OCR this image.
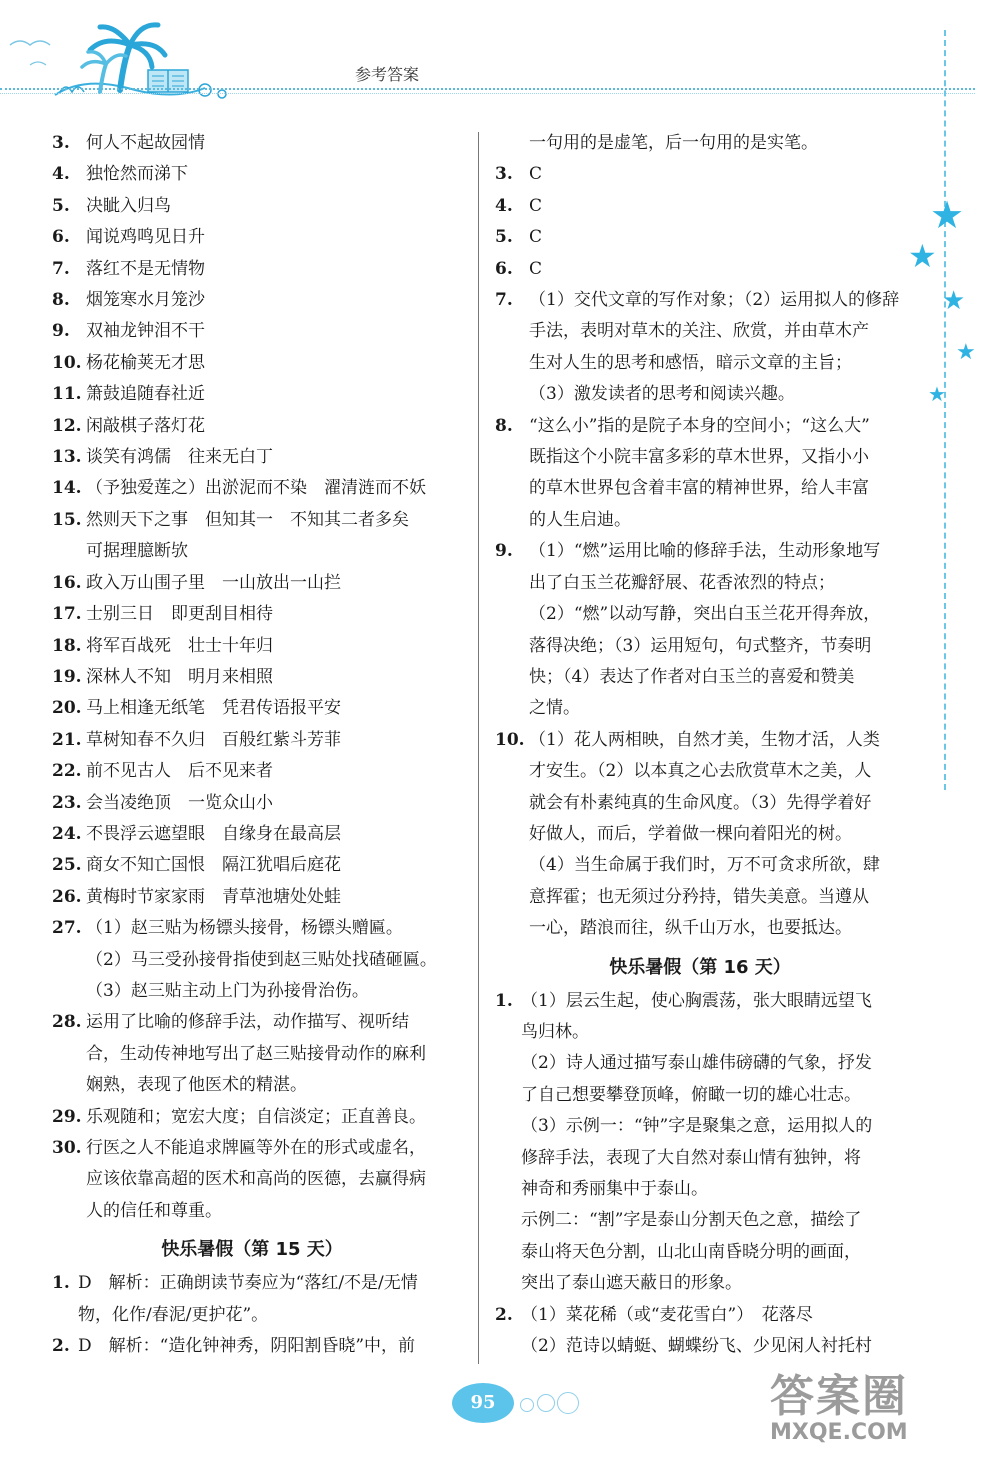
参考答案
★
★
★
★
★
3. 何人不起故园情
4. 独怆然而涕下
5. 决眦入归鸟
6. 闻说鸡鸣见日升
7. 落红不是无情物
8. 烟笼寒水月笼沙
9. 双袖龙钟泪不干
10. 杨花榆荚无才思
11. 箫鼓追随春社近
12. 闲敲棋子落灯花
13. 谈笑有鸿儒　往来无白丁
14. （予独爱莲之）出淤泥而不染　濯清涟而不妖
15. 然则天下之事　但知其一　不知其二者多矣
可据理臆断欤
16. 政入万山围子里　一山放出一山拦
17. 士别三日　即更刮目相待
18. 将军百战死　壮士十年归
19. 深林人不知　明月来相照
20. 马上相逢无纸笔　凭君传语报平安
21. 草树知春不久归　百般红紫斗芳菲
22. 前不见古人　后不见来者
23. 会当凌绝顶　一览众山小
24. 不畏浮云遮望眼　自缘身在最高层
25. 商女不知亡国恨　隔江犹唱后庭花
26. 黄梅时节家家雨　青草池塘处处蛙
27. （1）赵三贴为杨镖头接骨，杨镖头赠匾。
（2）马三受孙接骨指使到赵三贴处找碴砸匾。
（3）赵三贴主动上门为孙接骨治伤。
28. 运用了比喻的修辞手法，动作描写、视听结
合，生动传神地写出了赵三贴接骨动作的麻利
娴熟，表现了他医术的精湛。
29. 乐观随和；宽宏大度；自信淡定；正直善良。
30. 行医之人不能追求牌匾等外在的形式或虚名，
应该依靠高超的医术和高尚的医德，去赢得病
人的信任和尊重。
快乐暑假（第 15 天）
1. D　解析：正确朗读节奏应为“落红/不是/无情
物，化作/春泥/更护花”。
2. D　解析：“造化钟神秀，阴阳割昏晓”中，前
一句用的是虚笔，后一句用的是实笔。
3. C
4. C
5. C
6. C
7. （1）交代文章的写作对象；（2）运用拟人的修辞
手法，表明对草木的关注、欣赏，并由草木产
生对人生的思考和感悟，暗示文章的主旨；
（3）激发读者的思考和阅读兴趣。
8. “这么小”指的是院子本身的空间小；“这么大”
既指这个小院丰富多彩的草木世界，又指小小
的草木世界包含着丰富的精神世界，给人丰富
的人生启迪。
9. （1）“燃”运用比喻的修辞手法，生动形象地写
出了白玉兰花瓣舒展、花香浓烈的特点；
（2）“燃”以动写静，突出白玉兰花开得奔放，
落得决绝；（3）运用短句，句式整齐，节奏明
快；（4）表达了作者对白玉兰的喜爱和赞美
之情。
10. （1）花人两相映，自然才美，生物才活，人类
才安生。（2）以本真之心去欣赏草木之美，人
就会有朴素纯真的生命风度。（3）先得学着好
好做人，而后，学着做一棵向着阳光的树。
（4）当生命属于我们时，万不可贪求所欲，肆
意挥霍；也无须过分矜持，错失美意。当遵从
一心，踏浪而往，纵千山万水，也要抵达。
快乐暑假（第 16 天）
1. （1）层云生起，使心胸震荡，张大眼睛远望飞
鸟归林。
（2）诗人通过描写泰山雄伟磅礴的气象，抒发
了自己想要攀登顶峰，俯瞰一切的雄心壮志。
（3）示例一：“钟”字是聚集之意，运用拟人的
修辞手法，表现了大自然对泰山情有独钟，将
神奇和秀丽集中于泰山。
示例二：“割”字是泰山分割天色之意，描绘了
泰山将天色分割，山北山南昏晓分明的画面，
突出了泰山遮天蔽日的形象。
2. （1）菜花稀（或“麦花雪白”）　花落尽
（2）范诗以蜻蜓、蝴蝶纷飞、少见闲人衬托村
95	答案圈
MXQE.COM
